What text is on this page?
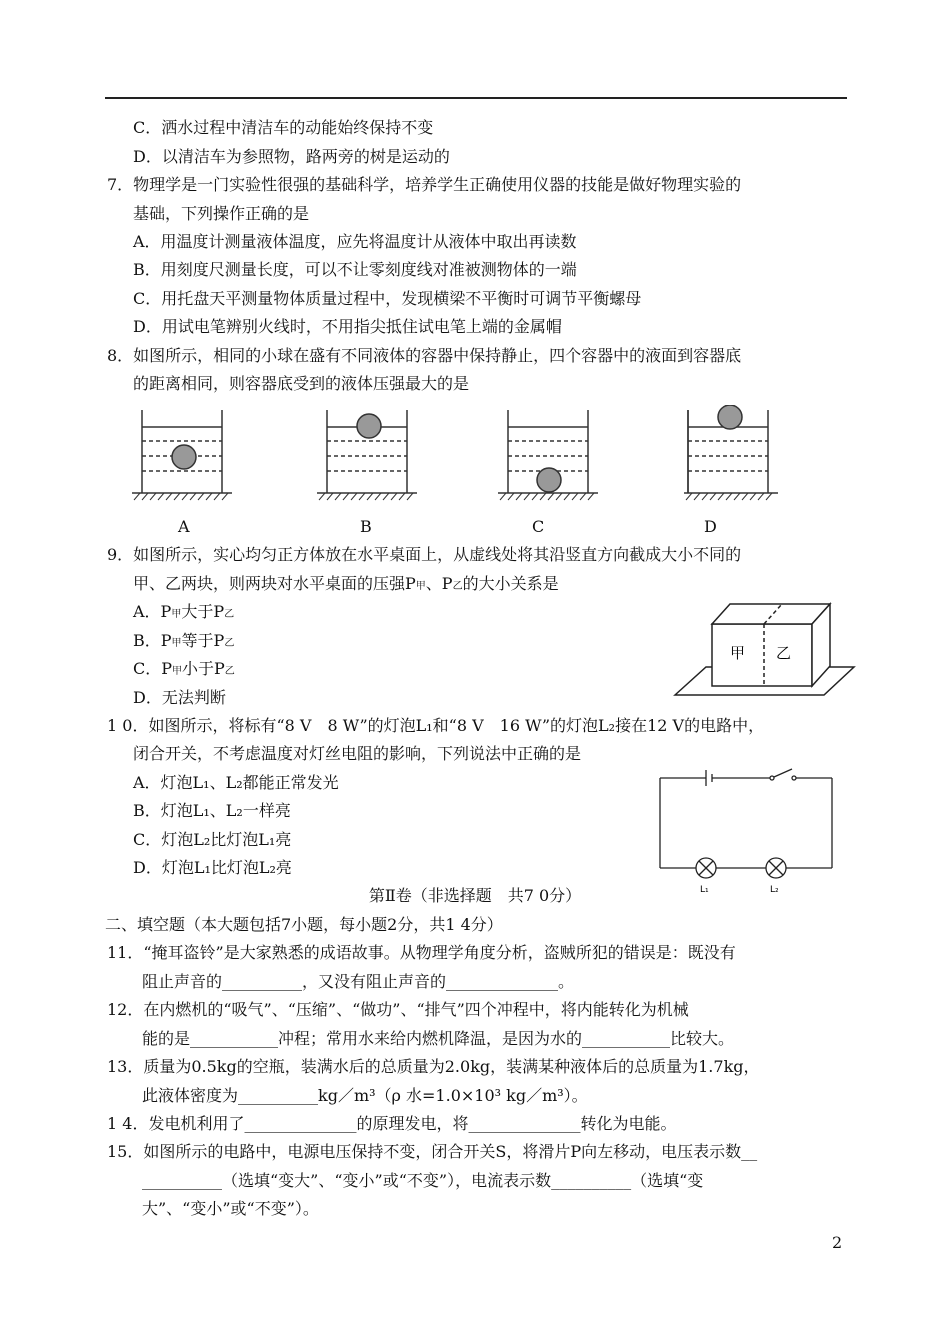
C．洒水过程中清洁车的动能始终保持不变
D．以清洁车为参照物，路两旁的树是运动的
7．物理学是一门实验性很强的基础科学，培养学生正确使用仪器的技能是做好物理实验的
基础，下列操作正确的是
A．用温度计测量液体温度，应先将温度计从液体中取出再读数
B．用刻度尺测量长度，可以不让零刻度线对准被测物体的一端
C．用托盘天平测量物体质量过程中，发现横梁不平衡时可调节平衡螺母
D．用试电笔辨别火线时，不用指尖抵住试电笔上端的金属帽
8．如图所示，相同的小球在盛有不同液体的容器中保持静止，四个容器中的液面到容器底
的距离相同，则容器底受到的液体压强最大的是
A	B	C	D
9．如图所示，实心均匀正方体放在水平桌面上，从虚线处将其沿竖直方向截成大小不同的
甲、乙两块，则两块对水平桌面的压强P甲、P乙的大小关系是
A．P甲大于P乙
B．P甲等于P乙
C．P甲小于P乙
D．无法判断
甲 乙
1 0．如图所示，将标有“8 V　8 W”的灯泡L₁和“8 V　16 W”的灯泡L₂接在12 V的电路中，
闭合开关，不考虑温度对灯丝电阻的影响，下列说法中正确的是
A．灯泡L₁、L₂都能正常发光
B．灯泡L₁、L₂一样亮
C．灯泡L₂比灯泡L₁亮
D．灯泡L₁比灯泡L₂亮
L₁	L₂
第Ⅱ卷（非选择题　共7 0分）
二、填空题（本大题包括7小题，每小题2分，共1 4分）
11．“掩耳盗铃”是大家熟悉的成语故事。从物理学角度分析，盗贼所犯的错误是：既没有
阻止声音的__________，又没有阻止声音的______________。
12．在内燃机的“吸气”、“压缩”、“做功”、“排气”四个冲程中，将内能转化为机械
能的是___________冲程；常用水来给内燃机降温，是因为水的___________比较大。
13．质量为0.5kg的空瓶，装满水后的总质量为2.0kg，装满某种液体后的总质量为1.7kg，
此液体密度为__________kg／m³（ρ 水=1.0×10³ kg／m³）。
1 4．发电机利用了______________的原理发电，将______________转化为电能。
15．如图所示的电路中，电源电压保持不变，闭合开关S，将滑片P向左移动，电压表示数__
__________（选填“变大”、“变小”或“不变”），电流表示数__________（选填“变
大”、“变小”或“不变”）。
2
